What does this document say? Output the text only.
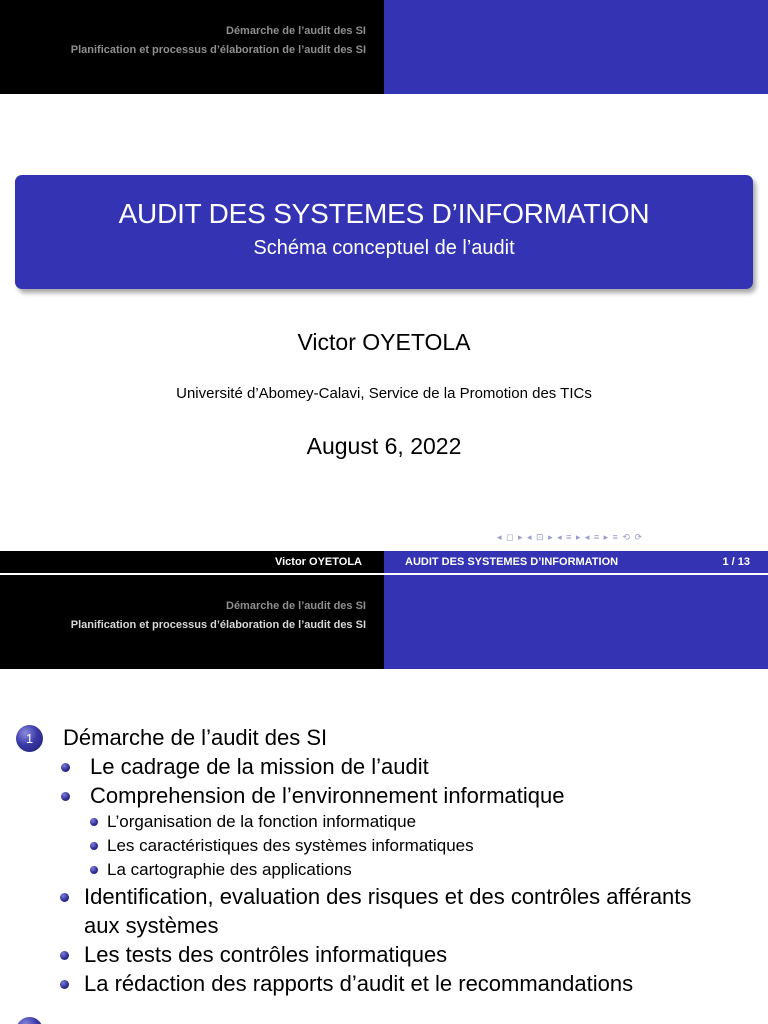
Démarche de l’audit des SI
Planification et processus d’élaboration de l’audit des SI
AUDIT DES SYSTEMES D’INFORMATION
Schéma conceptuel de l’audit
Victor OYETOLA
Université d’Abomey-Calavi, Service de la Promotion des TICs
August 6, 2022
◂ ◻ ▸ ◂ ⊡ ▸ ◂ ≡ ▸ ◂ ≡ ▸ ≡ ⟲ ⟳
Victor OYETOLA	AUDIT DES SYSTEMES D’INFORMATION	1 / 13
Démarche de l’audit des SI
Planification et processus d’élaboration de l’audit des SI
1	Démarche de l’audit des SI
Le cadrage de la mission de l’audit
Comprehension de l’environnement informatique
L’organisation de la fonction informatique
Les caractéristiques des systèmes informatiques
La cartographie des applications
Identification, evaluation des risques et des contrôles afférants
aux systèmes
Les tests des contrôles informatiques
La rédaction des rapports d’audit et le recommandations
